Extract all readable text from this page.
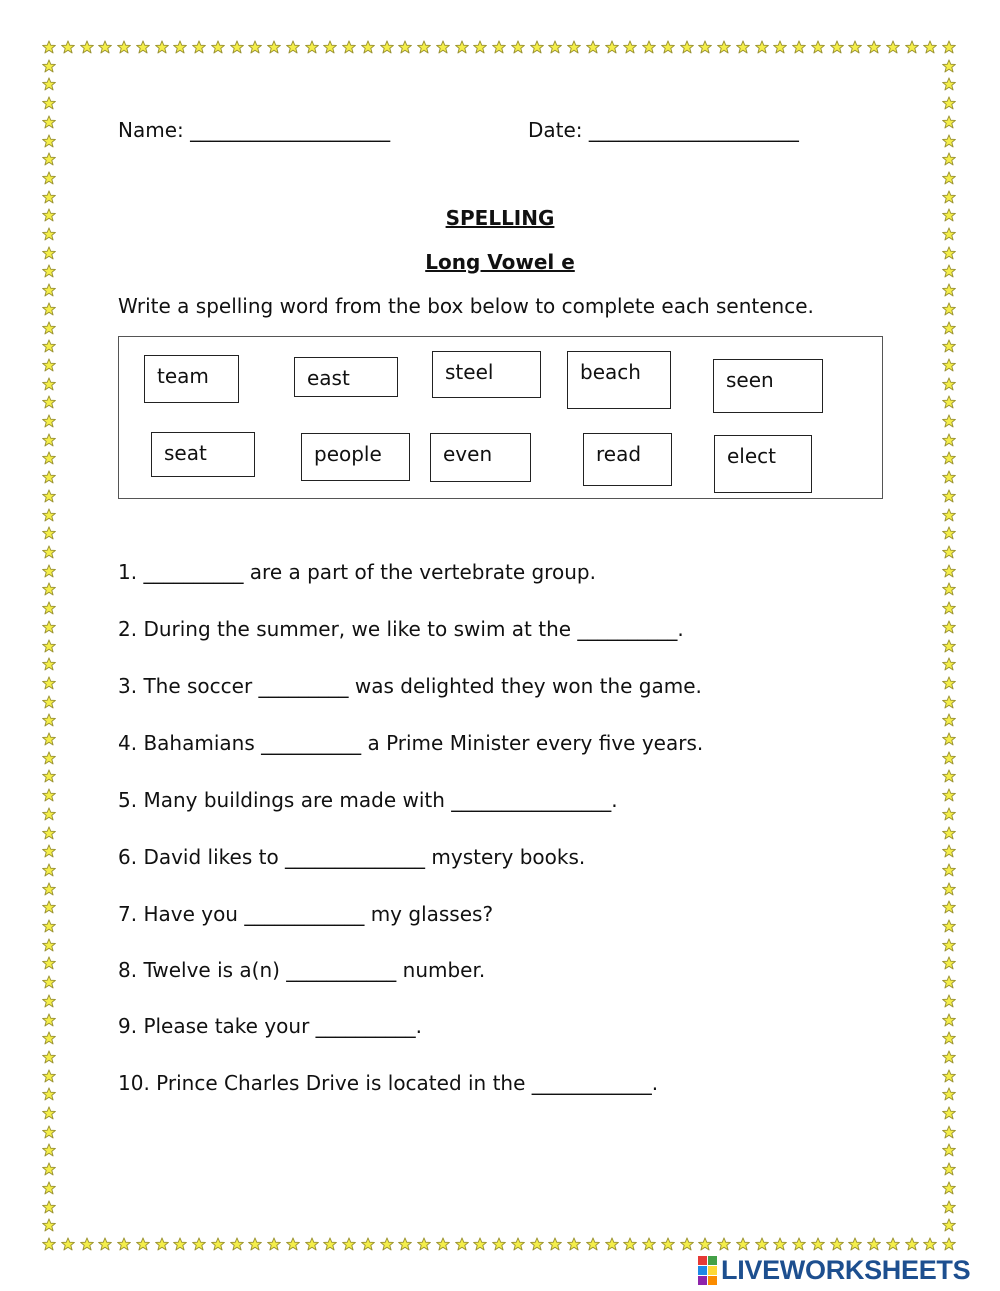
Name: ____________________	Date: _____________________
SPELLING
Long Vowel e
Write a spelling word from the box below to complete each sentence.
team	east	steel	beach	seen
seat	people	even	read	elect
1. __________ are a part of the vertebrate group.
2. During the summer, we like to swim at the __________.
3. The soccer _________ was delighted they won the game.
4. Bahamians __________ a Prime Minister every five years.
5. Many buildings are made with ________________.
6. David likes to ______________ mystery books.
7. Have you ____________ my glasses?
8. Twelve is a(n) ___________ number.
9. Please take your __________.
10. Prince Charles Drive is located in the ____________.
LIVEWORKSHEETS
